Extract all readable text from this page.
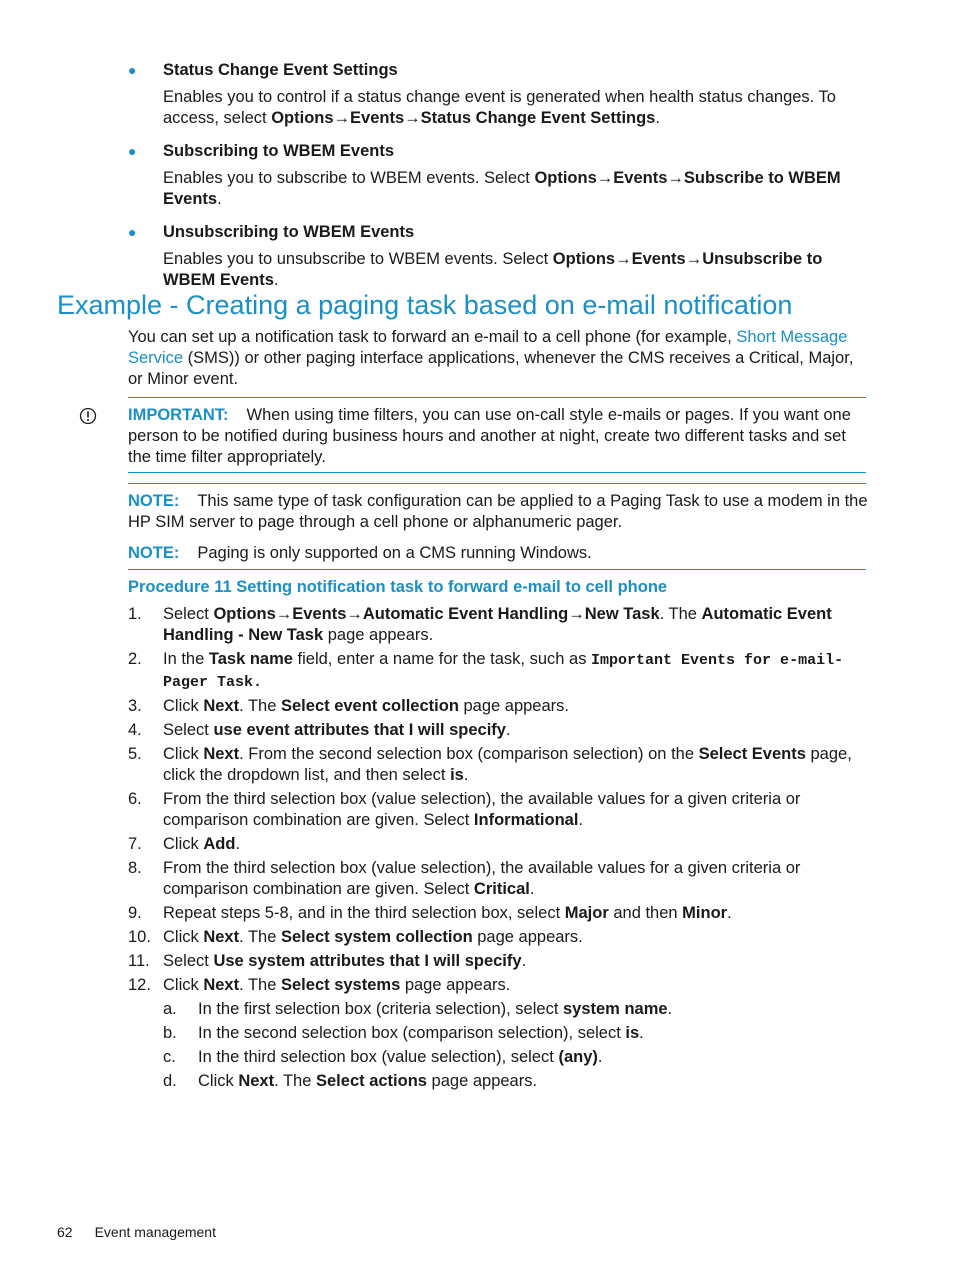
● Status Change Event Settings
Enables you to control if a status change event is generated when health status changes. To access, select Options→Events→Status Change Event Settings.
● Subscribing to WBEM Events
Enables you to subscribe to WBEM events. Select Options→Events→Subscribe to WBEM Events.
● Unsubscribing to WBEM Events
Enables you to unsubscribe to WBEM events. Select Options→Events→Unsubscribe to WBEM Events.
Example - Creating a paging task based on e-mail notification

You can set up a notification task to forward an e-mail to a cell phone (for example, Short Message Service (SMS)) or other paging interface applications, whenever the CMS receives a Critical, Major, or Minor event.

IMPORTANT: When using time filters, you can use on-call style e-mails or pages. If you want one person to be notified during business hours and another at night, create two different tasks and set the time filter appropriately.

NOTE: This same type of task configuration can be applied to a Paging Task to use a modem in the HP SIM server to page through a cell phone or alphanumeric pager.

NOTE: Paging is only supported on a CMS running Windows.

Procedure 11 Setting notification task to forward e-mail to cell phone

1. Select Options→Events→Automatic Event Handling→New Task. The Automatic Event Handling - New Task page appears.
2. In the Task name field, enter a name for the task, such as Important Events for e-mail-Pager Task.
3. Click Next. The Select event collection page appears.
4. Select use event attributes that I will specify.
5. Click Next. From the second selection box (comparison selection) on the Select Events page, click the dropdown list, and then select is.
6. From the third selection box (value selection), the available values for a given criteria or comparison combination are given. Select Informational.
7. Click Add.
8. From the third selection box (value selection), the available values for a given criteria or comparison combination are given. Select Critical.
9. Repeat steps 5-8, and in the third selection box, select Major and then Minor.
10. Click Next. The Select system collection page appears.
11. Select Use system attributes that I will specify.
12. Click Next. The Select systems page appears.
a. In the first selection box (criteria selection), select system name.
b. In the second selection box (comparison selection), select is.
c. In the third selection box (value selection), select (any).
d. Click Next. The Select actions page appears.
62 Event management
